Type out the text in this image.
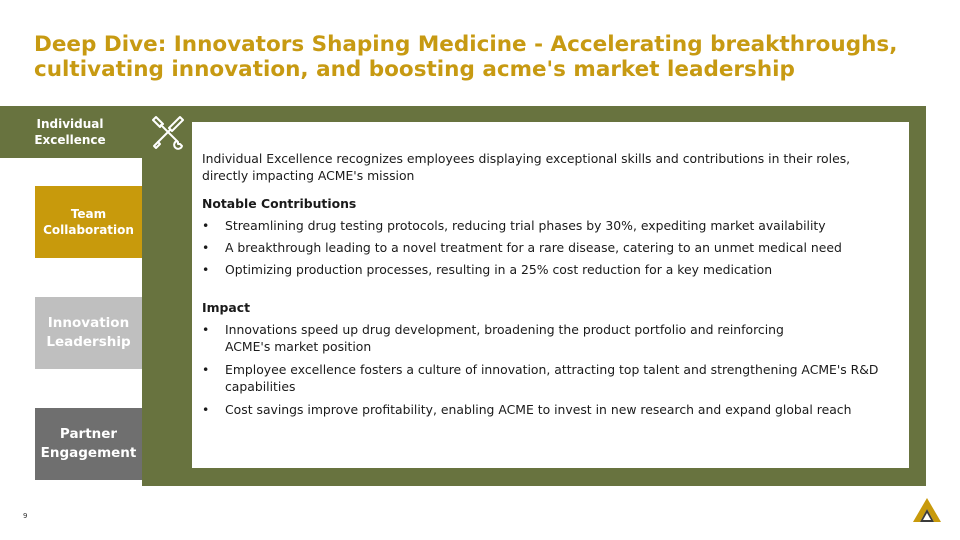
Deep Dive: Innovators Shaping Medicine - Accelerating breakthroughs, cultivating innovation, and boosting acme's market leadership
Individual
Excellence
Team
Collaboration
Innovation
Leadership
Partner
Engagement

Individual Excellence recognizes employees displaying exceptional skills and contributions in their roles, directly impacting ACME's mission

Notable Contributions

• Streamlining drug testing protocols, reducing trial phases by 30%, expediting market availability
• A breakthrough leading to a novel treatment for a rare disease, catering to an unmet medical need
• Optimizing production processes, resulting in a 25% cost reduction for a key medication

Impact

• Innovations speed up drug development, broadening the product portfolio and reinforcing ACME's market position
• Employee excellence fosters a culture of innovation, attracting top talent and strengthening ACME's R&D capabilities
• Cost savings improve profitability, enabling ACME to invest in new research and expand global reach
9
